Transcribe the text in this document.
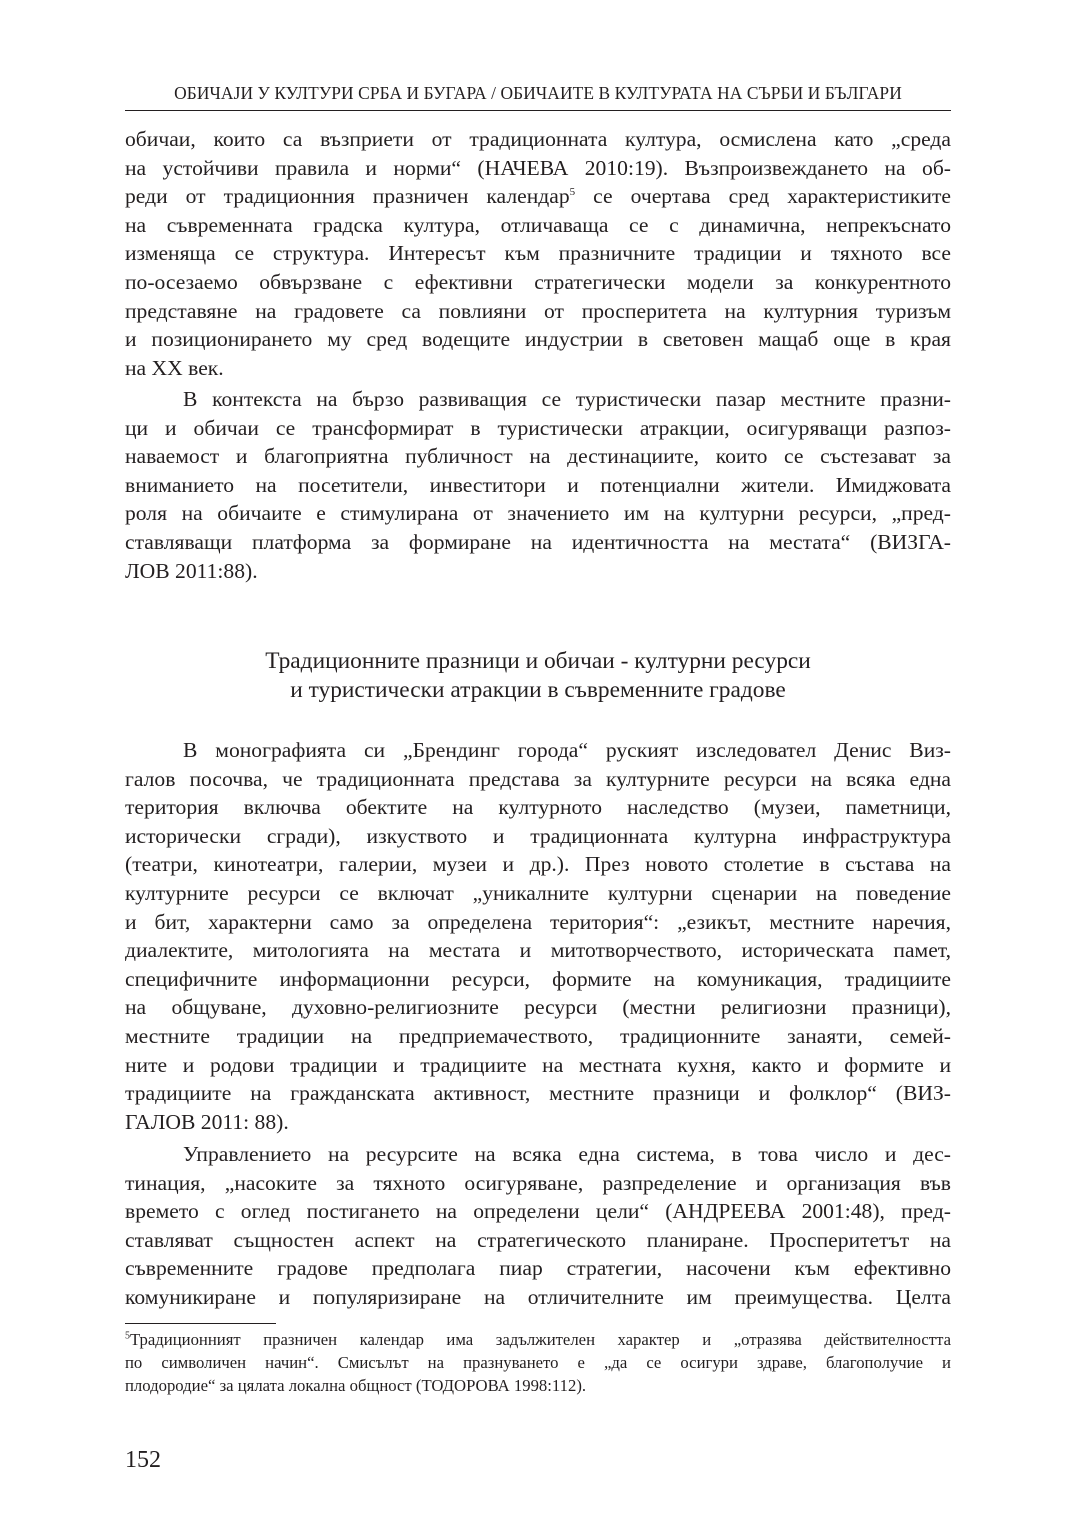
ОБИЧАЈИ У КУЛТУРИ СРБА И БУГАРА / ОБИЧАИТЕ В КУЛТУРАТА НА СЪРБИ И БЪЛГАРИ
обичаи, които са възприети от традиционната култура, осмислена като „среда
на устойчиви правила и норми“ (НАЧЕВА 2010:19). Възпроизвеждането на об-
реди от традиционния празничен календар$^5$ се очертава сред характеристиките
на съвременната градска култура, отличаваща се с динамична, непрекъснато
изменяща се структура. Интересът към празничните традиции и тяхното все
по-осезаемо обвързване с ефективни стратегически модели за конкурентното
представяне на градовете са повлияни от просперитета на културния туризъм
и позиционирането му сред водещите индустрии в световен мащаб още в края
на ХХ век.
В контекста на бързо развиващия се туристически пазар местните празни-
ци и обичаи се трансформират в туристически атракции, осигуряващи разпоз-
наваемост и благоприятна публичност на дестинациите, които се състезават за
вниманието на посетители, инвеститори и потенциални жители. Имиджовата
роля на обичаите е стимулирана от значението им на културни ресурси, „пред-
ставляващи платформа за формиране на идентичността на местата“ (ВИЗГА-
ЛОВ 2011:88).
Традиционните празници и обичаи - културни ресурси
и туристически атракции в съвременните градове
В монографията си „Брендинг города“ руският изследовател Денис Виз-
галов посочва, че традиционната представа за културните ресурси на всяка една
територия включва обектите на културното наследство (музеи, паметници,
исторически сгради), изкуството и традиционната културна инфраструктура
(театри, кинотеатри, галерии, музеи и др.). През новото столетие в състава на
културните ресурси се включат „уникалните културни сценарии на поведение
и бит, характерни само за определена територия“: „езикът, местните наречия,
диалектите, митологията на местата и митотворчеството, историческата памет,
специфичните информационни ресурси, формите на комуникация, традициите
на общуване, духовно-религиозните ресурси (местни религиозни празници),
местните традиции на предприемачеството, традиционните занаяти, семей-
ните и родови традиции и традициите на местната кухня, както и формите и
традициите на гражданската активност, местните празници и фолклор“ (ВИЗ-
ГАЛОВ 2011: 88).
Управлението на ресурсите на всяка една система, в това число и дес-
тинация, „насоките за тяхното осигуряване, разпределение и организация във
времето с оглед постигането на определени цели“ (АНДРЕЕВА 2001:48), пред-
ставляват същностен аспект на стратегическото планиране. Просперитетът на
съвременните градове предполага пиар стратегии, насочени към ефективно
комуникиране и популяризиране на отличителните им преимущества. Целта
$^5$Традиционният празничен календар има задължителен характер и „отразява действителността
по символичен начин“. Смисълът на празнуването е „да се осигури здраве, благополучие и
плодородие“ за цялата локална общност (ТОДОРОВА 1998:112).
152
